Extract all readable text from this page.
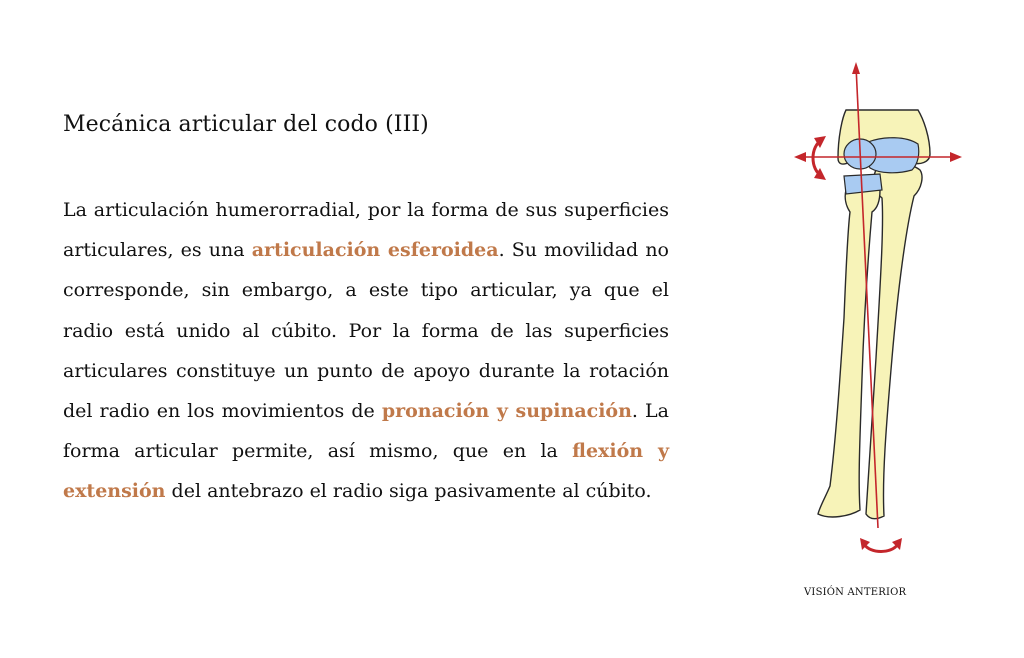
Mecánica articular del codo (III)

La articulación humerorradial, por la forma de sus superficies articulares, es una articulación esferoidea. Su movilidad no corresponde, sin embargo, a este tipo articular, ya que el radio está unido al cúbito. Por la forma de las superficies articulares constituye un punto de apoyo durante la rotación del radio en los movimientos de pronación y supinación. La forma articular permite, así mismo, que en la flexión y extensión del antebrazo el radio siga pasivamente al cúbito.

VISIÓN ANTERIOR
